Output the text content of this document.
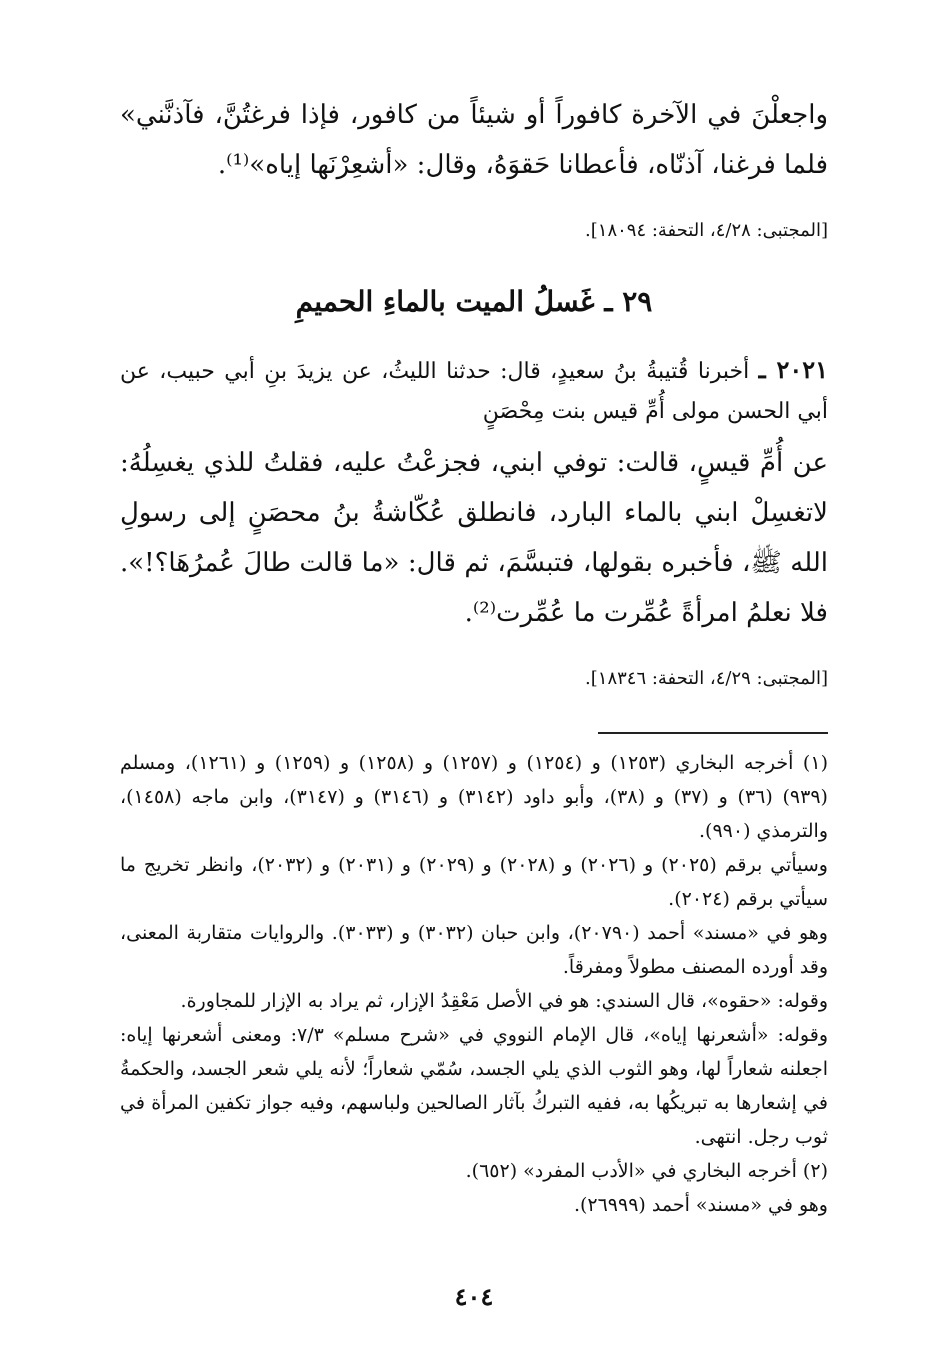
واجعلْنَ في الآخرة كافوراً أو شيئاً من كافور، فإذا فرغتُنَّ، فآذنَّني» فلما فرغنا، آذنّاه، فأعطانا حَقوَهُ، وقال: «أشعِرْنَها إياه»⁽¹⁾.

[المجتبى: ٤/٢٨، التحفة: ١٨٠٩٤].

٢٩ ـ غَسلُ الميت بالماءِ الحميمِ

٢٠٢١ ـ أخبرنا قُتيبةُ بنُ سعيدٍ، قال: حدثنا الليثُ، عن يزيدَ بنِ أبي حبيب، عن أبي الحسن مولى أُمِّ قيس بنت مِحْصَنٍ

عن أُمِّ قيسٍ، قالت: توفي ابني، فجزعْتُ عليه، فقلتُ للذي يغسِلُهُ: لاتغسِلْ ابني بالماء البارد، فانطلق عُكّاشةُ بنُ محصَنٍ إلى رسولِ الله ﷺ، فأخبره بقولها، فتبسَّمَ، ثم قال: «ما قالت طالَ عُمرُهَا؟!». فلا نعلمُ امرأةً عُمِّرت ما عُمِّرت⁽²⁾.

[المجتبى: ٤/٢٩، التحفة: ١٨٣٤٦].

(١) أخرجه البخاري (١٢٥٣) و (١٢٥٤) و (١٢٥٧) و (١٢٥٨) و (١٢٥٩) و (١٢٦١)، ومسلم (٩٣٩) (٣٦) و (٣٧) و (٣٨)، وأبو داود (٣١٤٢) و (٣١٤٦) و (٣١٤٧)، وابن ماجه (١٤٥٨)، والترمذي (٩٩٠).

وسيأتي برقم (٢٠٢٥) و (٢٠٢٦) و (٢٠٢٨) و (٢٠٢٩) و (٢٠٣١) و (٢٠٣٢)، وانظر تخريج ما سيأتي برقم (٢٠٢٤).

وهو في «مسند» أحمد (٢٠٧٩٠)، وابن حبان (٣٠٣٢) و (٣٠٣٣). والروايات متقاربة المعنى، وقد أورده المصنف مطولاً ومفرقاً.

وقوله: «حقوه»، قال السندي: هو في الأصل مَعْقِدُ الإزار، ثم يراد به الإزار للمجاورة.

وقوله: «أشعرنها إياه»، قال الإمام النووي في «شرح مسلم» ٧/٣: ومعنى أشعرنها إياه: اجعلنه شعاراً لها، وهو الثوب الذي يلي الجسد، سُمّي شعاراً؛ لأنه يلي شعر الجسد، والحكمةُ في إشعارها به تبريكُها به، ففيه التبركُ بآثار الصالحين ولباسهم، وفيه جواز تكفين المرأة في ثوب رجل. انتهى.

(٢) أخرجه البخاري في «الأدب المفرد» (٦٥٢).

وهو في «مسند» أحمد (٢٦٩٩٩).

٤٠٤
